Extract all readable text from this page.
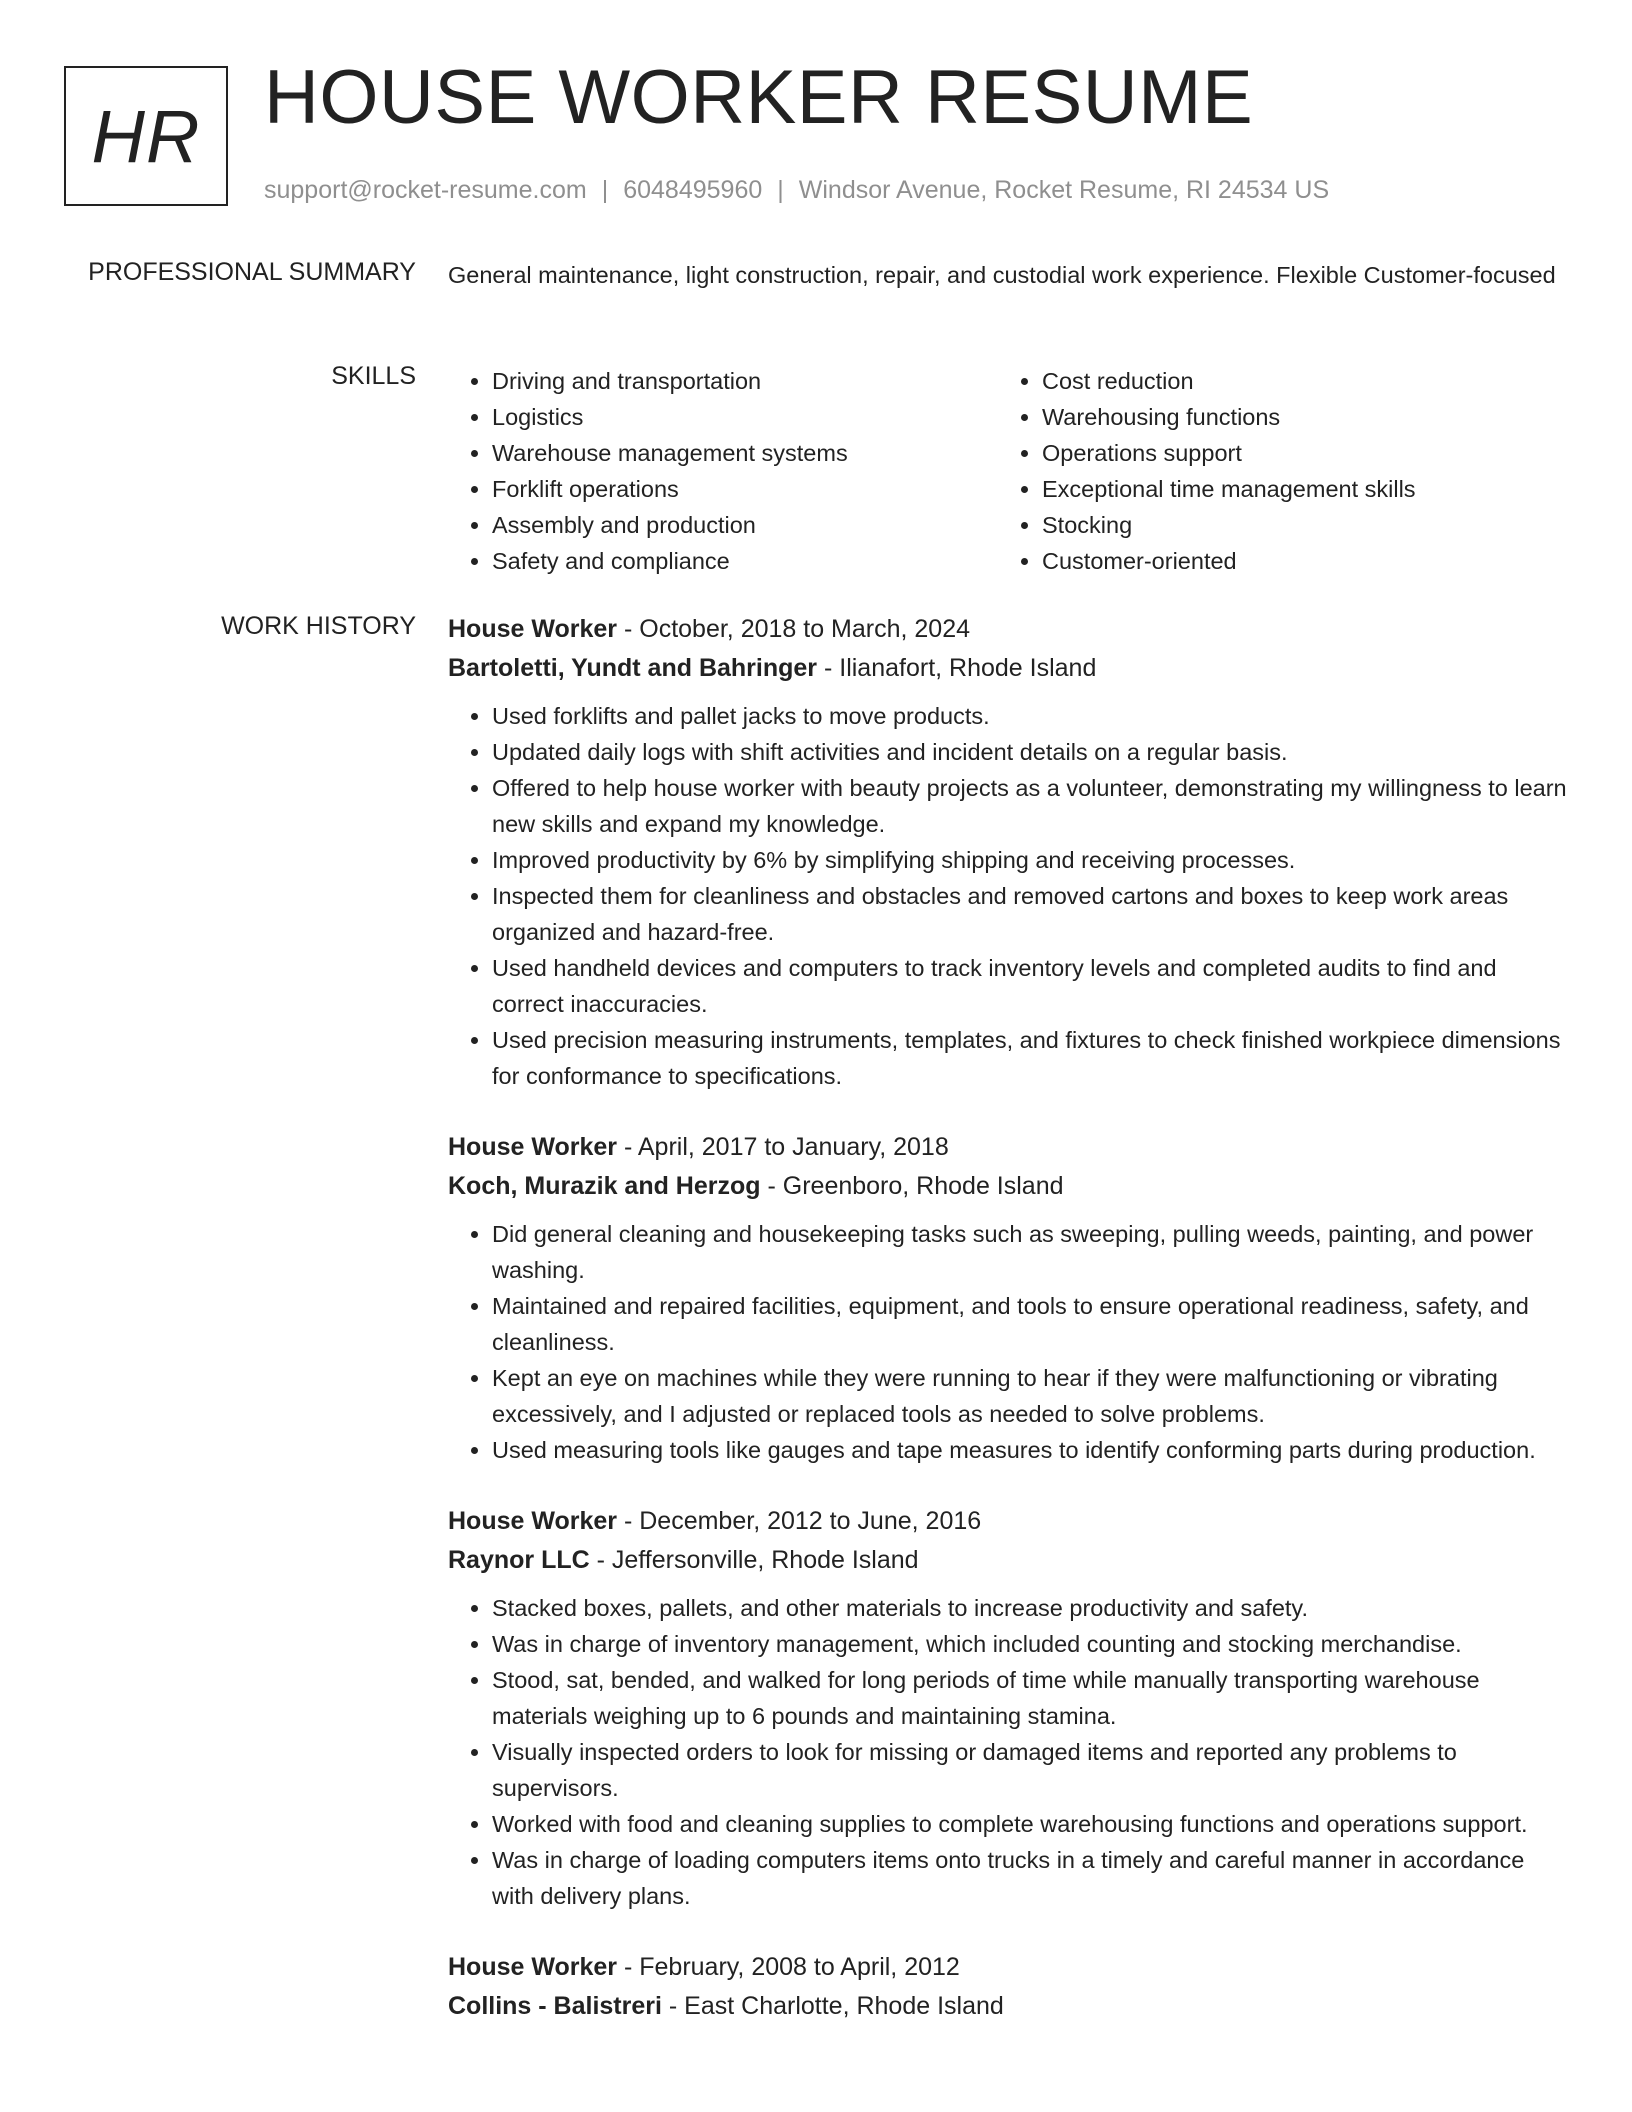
HR HOUSE WORKER RESUME
support@rocket-resume.com | 6048495960 | Windsor Avenue, Rocket Resume, RI 24534 US
PROFESSIONAL SUMMARY General maintenance, light construction, repair, and custodial work experience. Flexible Customer-focused

SKILLS
•	Driving and transportation
• Logistics
• Warehouse management systems
• Forklift operations
• Assembly and production
• Safety and compliance
• Cost reduction
• Warehousing functions
• Operations support
• Exceptional time management skills
• Stocking
• Customer-oriented
WORK HISTORY House Worker - October, 2018 to March, 2024
Bartoletti, Yundt and Bahringer - Ilianafort, Rhode Island
• Used forklifts and pallet jacks to move products.
• Updated daily logs with shift activities and incident details on a regular basis.
• Offered to help house worker with beauty projects as a volunteer, demonstrating my willingness to learn new skills and expand my knowledge.
• Improved productivity by 6% by simplifying shipping and receiving processes.
• Inspected them for cleanliness and obstacles and removed cartons and boxes to keep work areas organized and hazard-free.
• Used handheld devices and computers to track inventory levels and completed audits to find and correct inaccuracies.
• Used precision measuring instruments, templates, and fixtures to check finished workpiece dimensions for conformance to specifications.
House Worker - April, 2017 to January, 2018
Koch, Murazik and Herzog - Greenboro, Rhode Island
• Did general cleaning and housekeeping tasks such as sweeping, pulling weeds, painting, and power washing.
• Maintained and repaired facilities, equipment, and tools to ensure operational readiness, safety, and cleanliness.
• Kept an eye on machines while they were running to hear if they were malfunctioning or vibrating excessively, and I adjusted or replaced tools as needed to solve problems.
• Used measuring tools like gauges and tape measures to identify conforming parts during production.
House Worker - December, 2012 to June, 2016
Raynor LLC - Jeffersonville, Rhode Island
• Stacked boxes, pallets, and other materials to increase productivity and safety.
• Was in charge of inventory management, which included counting and stocking merchandise.
• Stood, sat, bended, and walked for long periods of time while manually transporting warehouse materials weighing up to 6 pounds and maintaining stamina.
• Visually inspected orders to look for missing or damaged items and reported any problems to supervisors.
• Worked with food and cleaning supplies to complete warehousing functions and operations support.
• Was in charge of loading computers items onto trucks in a timely and careful manner in accordance with delivery plans.
House Worker - February, 2008 to April, 2012
Collins - Balistreri - East Charlotte, Rhode Island
